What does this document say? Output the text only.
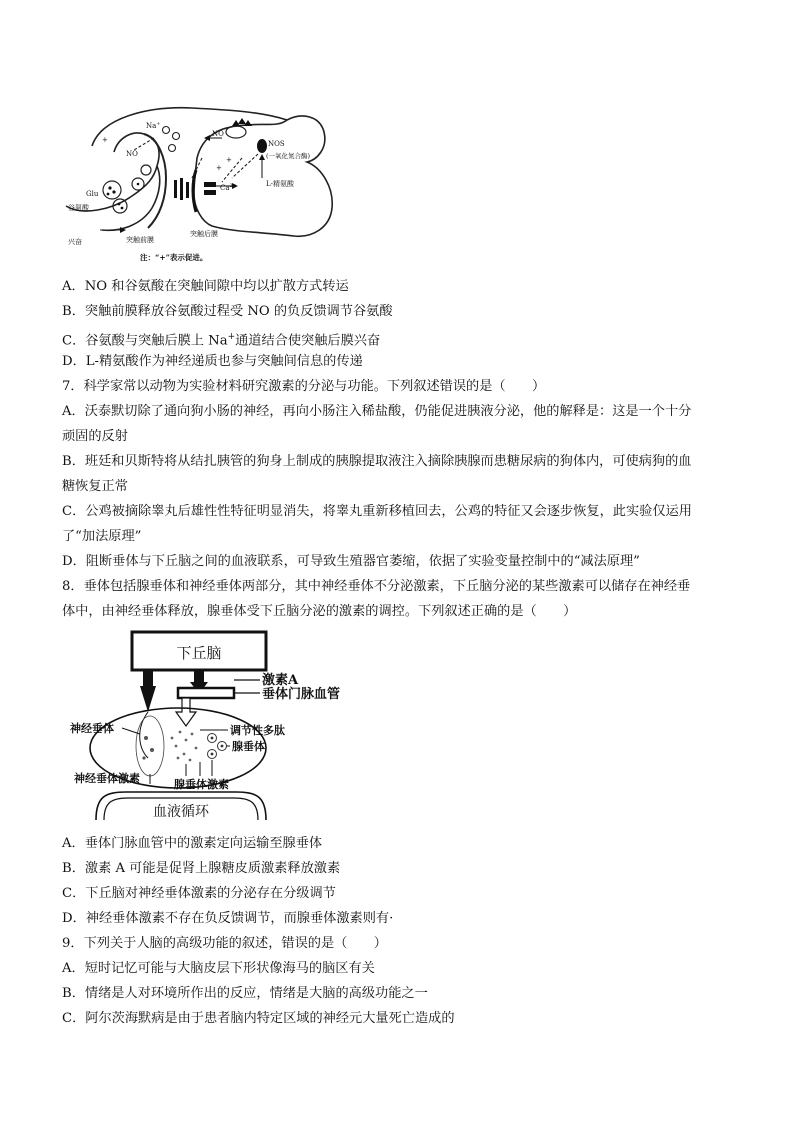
+
+
+
Na+
NO
NO
NOS
(一氧化氮合酶)
Glu
谷氨酸
$Ca^{2+}$	L-精氨酸
兴奋	突触前膜
突触后膜
注：“+”表示促进。
A．NO 和谷氨酸在突触间隙中均以扩散方式转运
B．突触前膜释放谷氨酸过程受 NO 的负反馈调节谷氨酸
C．谷氨酸与突触后膜上 Na+通道结合使突触后膜兴奋
D．L-精氨酸作为神经递质也参与突触间信息的传递
7．科学家常以动物为实验材料研究激素的分泌与功能。下列叙述错误的是（　　）
A．沃泰默切除了通向狗小肠的神经，再向小肠注入稀盐酸，仍能促进胰液分泌，他的解释是：这是一个十分
顽固的反射
B．班廷和贝斯特将从结扎胰管的狗身上制成的胰腺提取液注入摘除胰腺而患糖尿病的狗体内，可使病狗的血
糖恢复正常
C．公鸡被摘除睾丸后雄性性特征明显消失，将睾丸重新移植回去，公鸡的特征又会逐步恢复，此实验仅运用
了“加法原理”
D．阻断垂体与下丘脑之间的血液联系，可导致生殖器官萎缩，依据了实验变量控制中的“减法原理”
8．垂体包括腺垂体和神经垂体两部分，其中神经垂体不分泌激素，下丘脑分泌的某些激素可以储存在神经垂
体中，由神经垂体释放，腺垂体受下丘脑分泌的激素的调控。下列叙述正确的是（　　）
下丘脑
激素A
垂体门脉血管
神经垂体	调节性多肽
腺垂体
神经垂体激素	腺垂体激素
血液循环
A．垂体门脉血管中的激素定向运输至腺垂体
B．激素 A 可能是促肾上腺糖皮质激素释放激素
C．下丘脑对神经垂体激素的分泌存在分级调节
D．神经垂体激素不存在负反馈调节，而腺垂体激素则有·
9．下列关于人脑的高级功能的叙述，错误的是（　　）
A．短时记忆可能与大脑皮层下形状像海马的脑区有关
B．情绪是人对环境所作出的反应，情绪是大脑的高级功能之一
C．阿尔茨海默病是由于患者脑内特定区域的神经元大量死亡造成的
